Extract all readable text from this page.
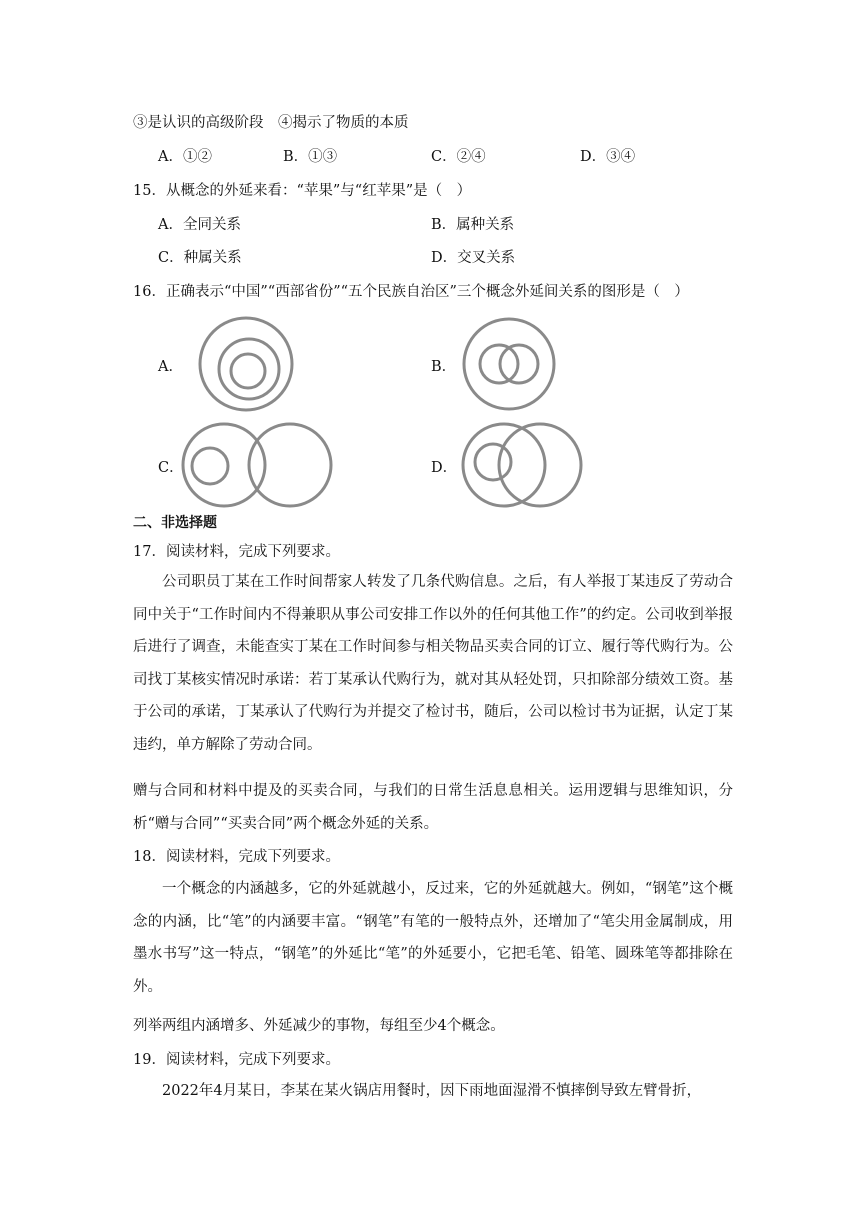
③是认识的高级阶段　④揭示了物质的本质
A．①②	B．①③	C．②④	D．③④
15．从概念的外延来看：“苹果”与“红苹果”是（　）
A．全同关系	B．属种关系
C．种属关系	D．交叉关系
16．正确表示“中国”“西部省份”“五个民族自治区”三个概念外延间关系的图形是（　）
A．	B．
C．	D．
二、非选择题
17．阅读材料，完成下列要求。
公司职员丁某在工作时间帮家人转发了几条代购信息。之后，有人举报丁某违反了劳动合同中关于“工作时间内不得兼职从事公司安排工作以外的任何其他工作”的约定。公司收到举报后进行了调查，未能查实丁某在工作时间参与相关物品买卖合同的订立、履行等代购行为。公司找丁某核实情况时承诺：若丁某承认代购行为，就对其从轻处罚，只扣除部分绩效工资。基于公司的承诺，丁某承认了代购行为并提交了检讨书，随后，公司以检讨书为证据，认定丁某违约，单方解除了劳动合同。
赠与合同和材料中提及的买卖合同，与我们的日常生活息息相关。运用逻辑与思维知识，分析“赠与合同”“买卖合同”两个概念外延的关系。
18．阅读材料，完成下列要求。
一个概念的内涵越多，它的外延就越小，反过来，它的外延就越大。例如，“钢笔”这个概念的内涵，比“笔”的内涵要丰富。“钢笔”有笔的一般特点外，还增加了“笔尖用金属制成，用墨水书写”这一特点，“钢笔”的外延比“笔”的外延要小，它把毛笔、铅笔、圆珠笔等都排除在外。
列举两组内涵增多、外延减少的事物，每组至少4个概念。
19．阅读材料，完成下列要求。
2022年4月某日，李某在某火锅店用餐时，因下雨地面湿滑不慎摔倒导致左臂骨折，
